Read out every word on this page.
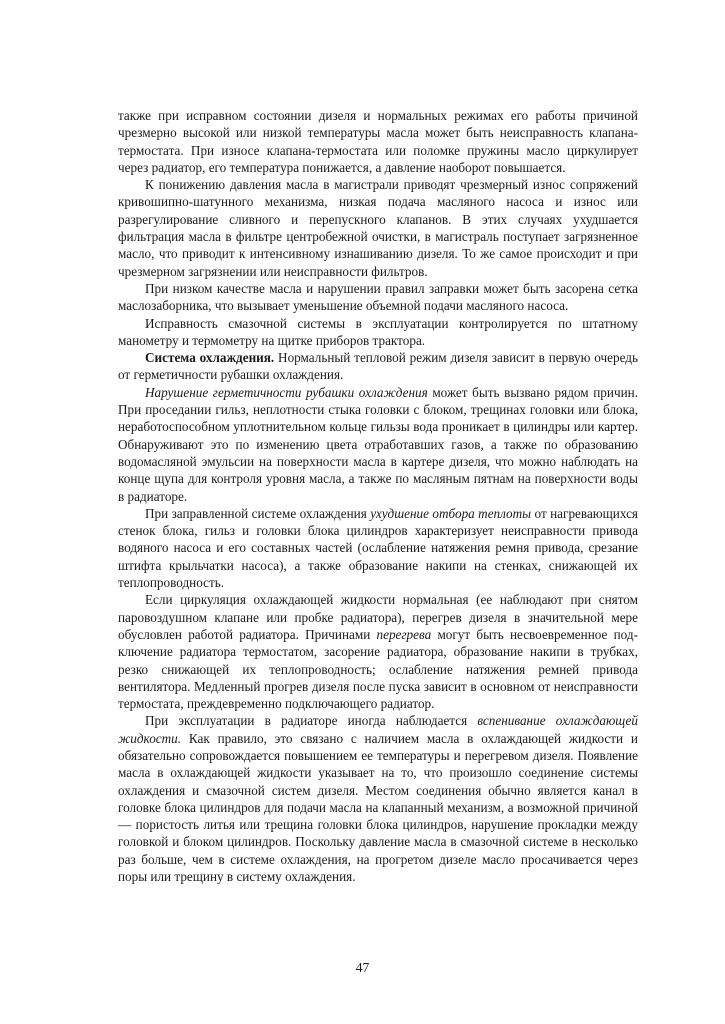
также при исправном состоянии дизеля и нормальных режимах его работы причиной чрезмерно высокой или низкой температуры масла может быть неисправность клапана-термостата. При износе клапана-термостата или поломке пружины масло циркулирует через радиатор, его температура понижается, а давление наоборот повышается.

К понижению давления масла в магистрали приводят чрезмерный износ сопряжений кривошипно-шатунного механизма, низкая подача масляного насоса и износ или разрегулирование сливного и перепускного клапанов. В этих случаях ухудшается фильтрация масла в фильтре центробежной очистки, в магистраль поступает загрязненное масло, что приводит к интенсивному изнашиванию дизеля. То же самое происходит и при чрезмерном загрязнении или неисправности фильтров.

При низком качестве масла и нарушении правил заправки может быть засорена сетка маслозаборника, что вызывает уменьшение объемной подачи масляного насоса.

Исправность смазочной системы в эксплуатации контролируется по штатному манометру и термометру на щитке приборов трактора.

Система охлаждения. Нормальный тепловой режим дизеля зависит в первую очередь от герметичности рубашки охлаждения.

Нарушение герметичности рубашки охлаждения может быть вызвано рядом причин. При проседании гильз, неплотности стыка головки с блоком, трещинах головки или блока, неработоспособном уплотнительном кольце гильзы вода проникает в цилиндры или картер. Обнаруживают это по изменению цвета отработавших газов, а также по образованию водомасляной эмульсии на поверхности масла в картере дизеля, что можно наблюдать на конце щупа для контроля уровня масла, а также по масляным пятнам на поверхности воды в радиаторе.

При заправленной системе охлаждения ухудшение отбора теплоты от нагревающихся стенок блока, гильз и головки блока цилиндров характеризует неисправности привода водяного насоса и его составных частей (ослабление натяжения ремня привода, срезание штифта крыльчатки насоса), а также образование накипи на стенках, снижающей их теплопроводность.

Если циркуляция охлаждающей жидкости нормальная (ее наблюдают при снятом паровоздушном клапане или пробке радиатора), перегрев дизеля в значительной мере обусловлен работой радиатора. Причинами перегрева могут быть несвоевременное подключение радиатора термостатом, засорение радиатора, образование накипи в трубках, резко снижающей их теплопроводность; ослабление натяжения ремней привода вентилятора. Медленный прогрев дизеля после пуска зависит в основном от неисправности термостата, преждевременно подключающего радиатор.

При эксплуатации в радиаторе иногда наблюдается вспенивание охлаждающей жидкости. Как правило, это связано с наличием масла в охлаждающей жидкости и обязательно сопровождается повышением ее температуры и перегревом дизеля. Появление масла в охлаждающей жидкости указывает на то, что произошло соединение системы охлаждения и смазочной систем дизеля. Местом соединения обычно является канал в головке блока цилиндров для подачи масла на клапанный механизм, а возможной причиной — пористость литья или трещина головки блока цилиндров, нарушение прокладки между головкой и блоком цилиндров. Поскольку давление масла в смазочной системе в несколько раз больше, чем в системе охлаждения, на прогретом дизеле масло просачивается через поры или трещину в систему охлаждения.

47
